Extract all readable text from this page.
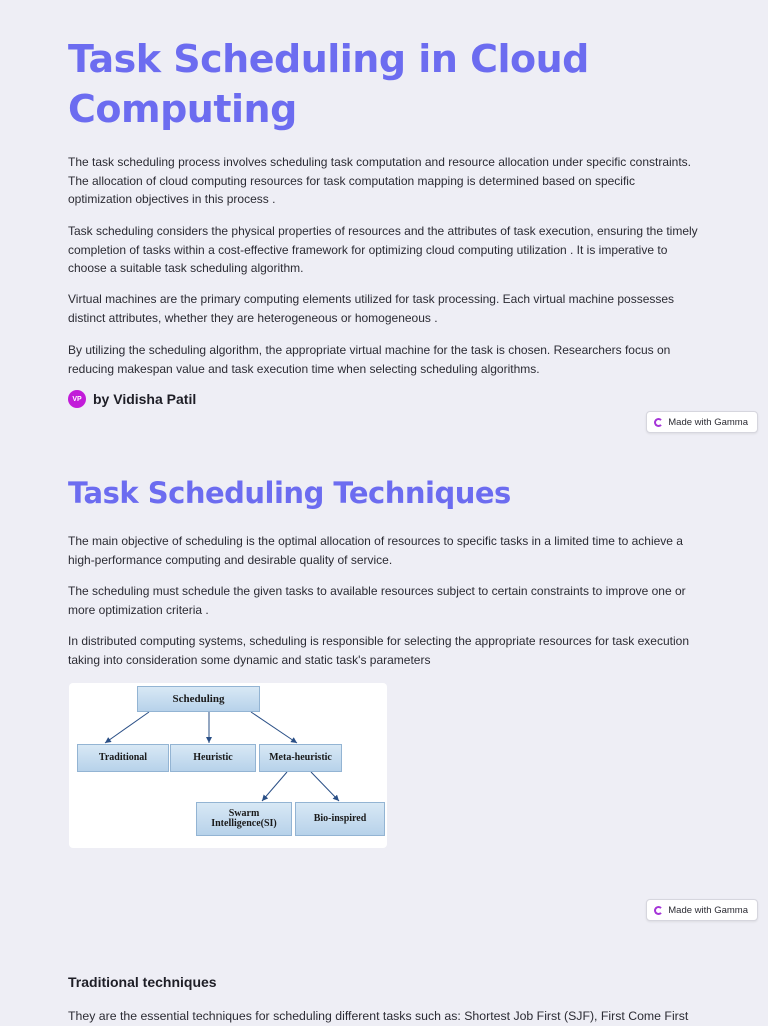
Task Scheduling in Cloud Computing

The task scheduling process involves scheduling task computation and resource allocation under specific constraints. The allocation of cloud computing resources for task computation mapping is determined based on specific optimization objectives in this process .

Task scheduling considers the physical properties of resources and the attributes of task execution, ensuring the timely completion of tasks within a cost-effective framework for optimizing cloud computing utilization . It is imperative to choose a suitable task scheduling algorithm.

Virtual machines are the primary computing elements utilized for task processing. Each virtual machine possesses distinct attributes, whether they are heterogeneous or homogeneous .

By utilizing the scheduling algorithm, the appropriate virtual machine for the task is chosen. Researchers focus on reducing makespan value and task execution time when selecting scheduling algorithms.

VP by Vidisha Patil
Made with Gamma
Task Scheduling Techniques

The main objective of scheduling is the optimal allocation of resources to specific tasks in a limited time to achieve a high-performance computing and desirable quality of service.

The scheduling must schedule the given tasks to available resources subject to certain constraints to improve one or more optimization criteria .

In distributed computing systems, scheduling is responsible for selecting the appropriate resources for task execution taking into consideration some dynamic and static task's parameters

Scheduling
Traditional	Heuristic	Meta-heuristic
Swarm Intelligence(SI)	Bio-inspired
Made with Gamma
Traditional techniques

They are the essential techniques for scheduling different tasks such as: Shortest Job First (SJF), First Come First
